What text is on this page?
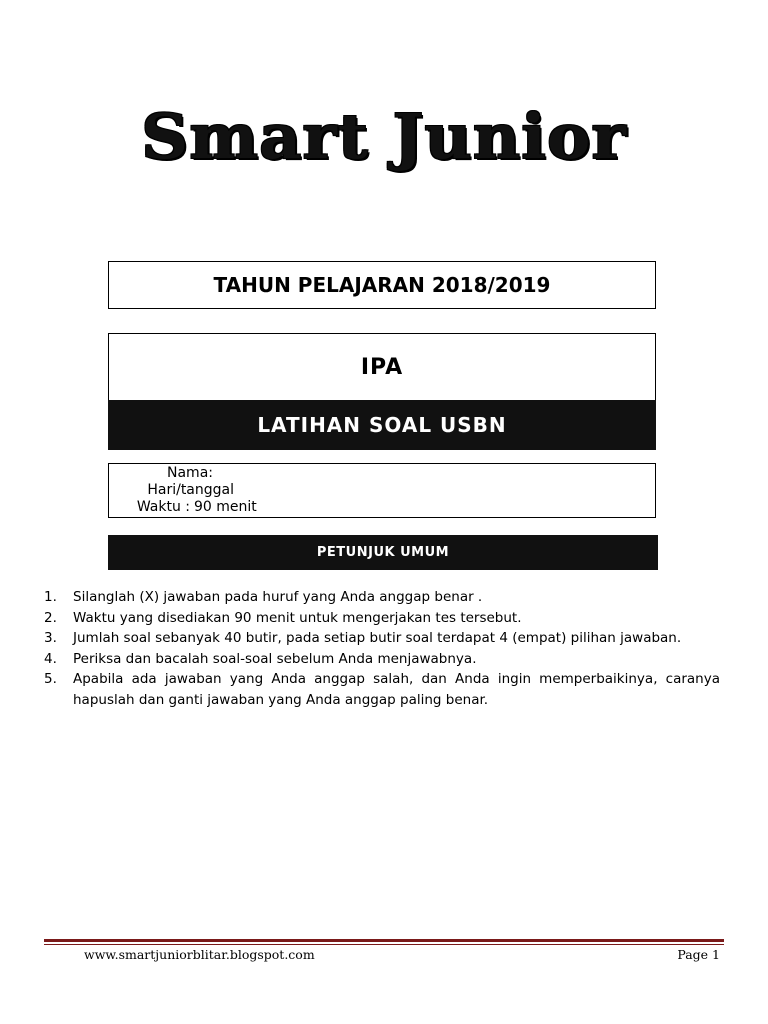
Smart Junior
TAHUN PELAJARAN 2018/2019
IPA
LATIHAN SOAL USBN
Nama:
Hari/tanggal
Waktu : 90 menit
PETUNJUK UMUM
1.	Silanglah (X) jawaban pada huruf yang Anda anggap benar .
2.	Waktu yang disediakan 90 menit untuk mengerjakan tes tersebut.
3.	Jumlah soal sebanyak 40 butir, pada setiap butir soal terdapat 4 (empat) pilihan jawaban.
4.	Periksa dan bacalah soal-soal sebelum Anda menjawabnya.
5.	Apabila ada jawaban yang Anda anggap salah, dan Anda ingin memperbaikinya, caranya hapuslah dan ganti jawaban yang Anda anggap paling benar.
www.smartjuniorblitar.blogspot.com	Page 1
